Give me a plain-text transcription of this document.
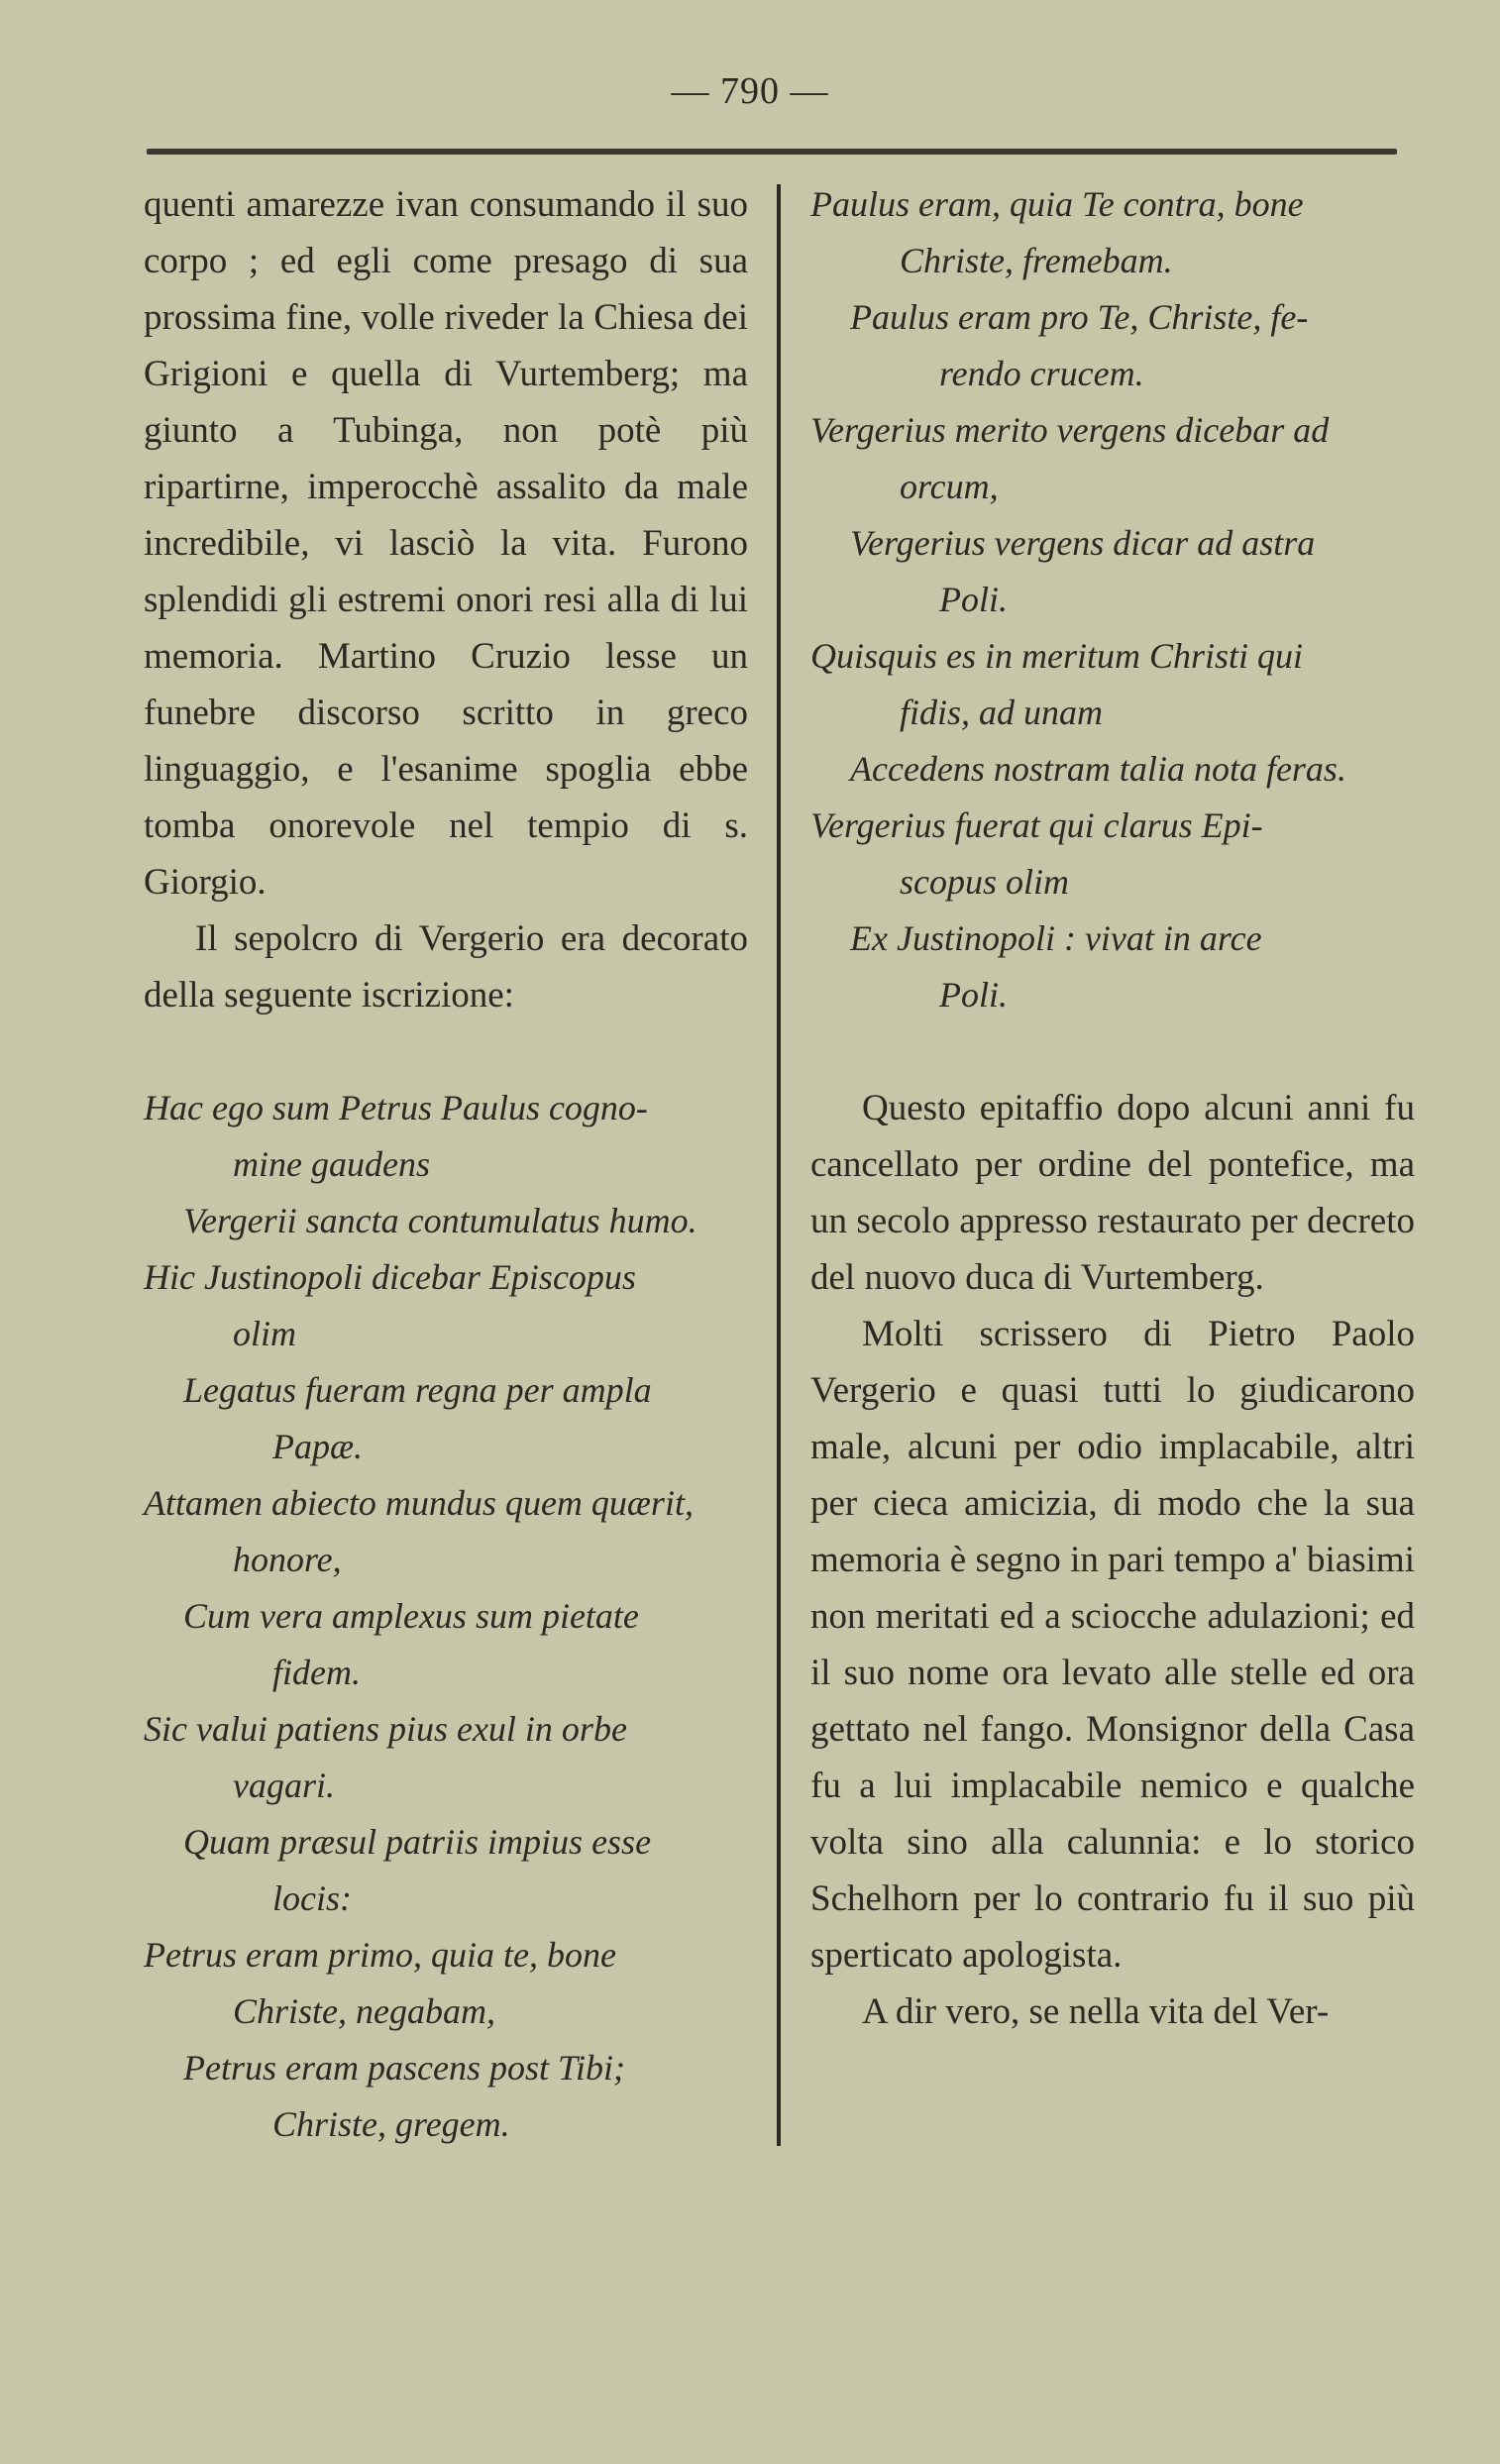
— 790 —

quenti amarezze ivan consumando il suo corpo ; ed egli come presago di sua prossima fine, volle riveder la Chiesa dei Grigioni e quella di Vurtemberg; ma giunto a Tubinga, non potè più ripartirne, imperocchè assalito da male incredibile, vi lasciò la vita. Furono splendidi gli estremi onori resi alla di lui memoria. Martino Cruzio lesse un funebre discorso scritto in greco linguaggio, e l'esanime spoglia ebbe tomba onorevole nel tempio di s. Giorgio.

Il sepolcro di Vergerio era decorato della seguente iscrizione:

Hac ego sum Petrus Paulus cogno-
mine gaudens
Vergerii sancta contumulatus humo.
Hic Justinopoli dicebar Episcopus
olim
Legatus fueram regna per ampla
Papæ.
Attamen abiecto mundus quem quærit,
honore,
Cum vera amplexus sum pietate
fidem.
Sic valui patiens pius exul in orbe
vagari.
Quam præsul patriis impius esse
locis:
Petrus eram primo, quia te, bone
Christe, negabam,
Petrus eram pascens post Tibi;
Christe, gregem.
Paulus eram, quia Te contra, bone
Christe, fremebam.
Paulus eram pro Te, Christe, fe-
rendo crucem.
Vergerius merito vergens dicebar ad
orcum,
Vergerius vergens dicar ad astra
Poli.
Quisquis es in meritum Christi qui
fidis, ad unam
Accedens nostram talia nota feras.
Vergerius fuerat qui clarus Epi-
scopus olim
Ex Justinopoli : vivat in arce
Poli.

Questo epitaffio dopo alcuni anni fu cancellato per ordine del pontefice, ma un secolo appresso restaurato per decreto del nuovo duca di Vurtemberg.

Molti scrissero di Pietro Paolo Vergerio e quasi tutti lo giudicarono male, alcuni per odio implacabile, altri per cieca amicizia, di modo che la sua memoria è segno in pari tempo a' biasimi non meritati ed a sciocche adulazioni; ed il suo nome ora levato alle stelle ed ora gettato nel fango. Monsignor della Casa fu a lui implacabile nemico e qualche volta sino alla calunnia: e lo storico Schelhorn per lo contrario fu il suo più sperticato apologista.

A dir vero, se nella vita del Ver-
